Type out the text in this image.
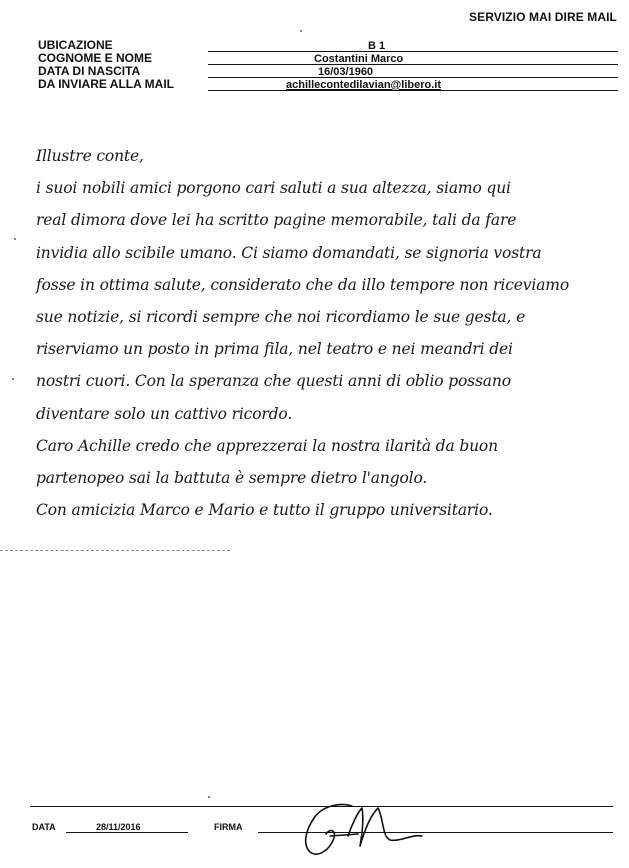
SERVIZIO MAI DIRE MAIL
UBICAZIONE	B 1
COGNOME E NOME	Costantini Marco
DATA DI NASCITA	16/03/1960
DA INVIARE ALLA MAIL	achillecontedilavian@libero.it
Illustre conte,
i suoi nobili amici porgono cari saluti a sua altezza, siamo qui
real dimora dove lei ha scritto pagine memorabile, tali da fare
invidia allo scibile umano. Ci siamo domandati, se signoria vostra
fosse in ottima salute, considerato che da illo tempore non riceviamo
sue notizie, si ricordi sempre che noi ricordiamo le sue gesta, e
riserviamo un posto in prima fila, nel teatro e nei meandri dei
nostri cuori. Con la speranza che questi anni di oblio possano
diventare solo un cattivo ricordo.
Caro Achille credo che apprezzerai la nostra ilarità da buon
partenopeo sai la battuta è sempre dietro l'angolo.
Con amicizia Marco e Mario e tutto il gruppo universitario.
DATA	28/11/2016	FIRMA
